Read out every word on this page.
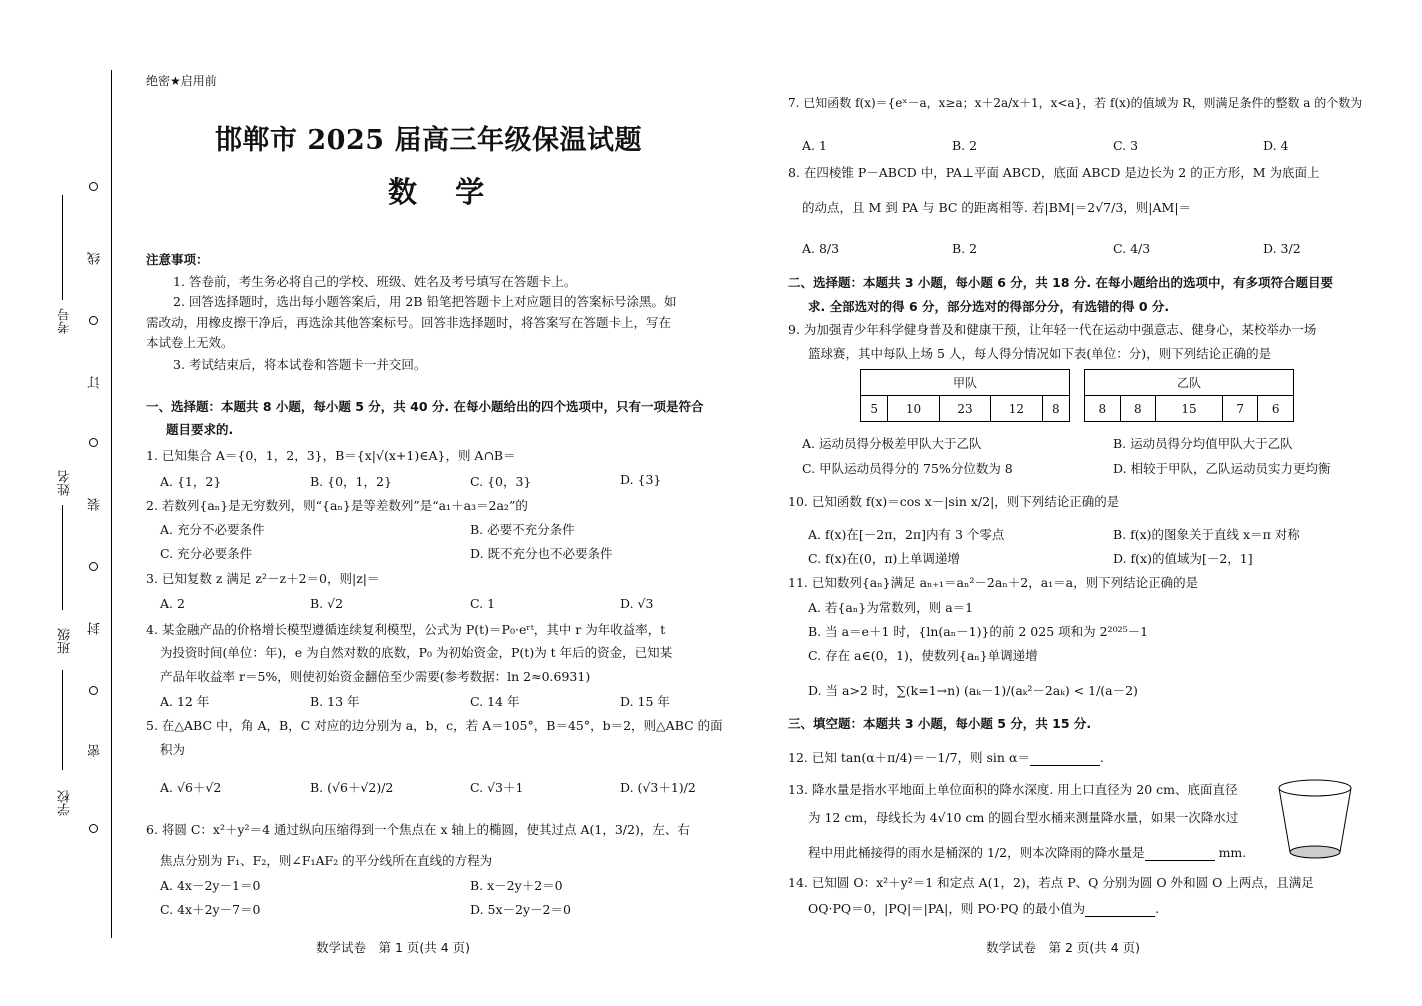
考号
姓名
班级
学校
线
订
装
封
密
绝密★启用前
邯郸市 2025 届高三年级保温试题
数 学
注意事项：
1. 答卷前，考生务必将自己的学校、班级、姓名及考号填写在答题卡上。
2. 回答选择题时，选出每小题答案后，用 2B 铅笔把答题卡上对应题目的答案标号涂黑。如
需改动，用橡皮擦干净后，再选涂其他答案标号。回答非选择题时，将答案写在答题卡上，写在
本试卷上无效。
3. 考试结束后，将本试卷和答题卡一并交回。
一、选择题：本题共 8 小题，每小题 5 分，共 40 分. 在每小题给出的四个选项中，只有一项是符合
题目要求的.
1. 已知集合 A＝{0，1，2，3}，B＝{x|√(x+1)∈A}，则 A∩B＝
A. {1，2}	B. {0，1，2}	C. {0，3}	D. {3}
2. 若数列{aₙ}是无穷数列，则“{aₙ}是等差数列”是“a₁＋a₃＝2a₂”的
A. 充分不必要条件	B. 必要不充分条件
C. 充分必要条件	D. 既不充分也不必要条件
3. 已知复数 z 满足 z²－z＋2＝0，则|z|＝
A. 2	B. √2	C. 1	D. √3
4. 某金融产品的价格增长模型遵循连续复利模型，公式为 P(t)＝P₀·eʳᵗ，其中 r 为年收益率，t
为投资时间(单位：年)，e 为自然对数的底数，P₀ 为初始资金，P(t)为 t 年后的资金，已知某
产品年收益率 r＝5%，则使初始资金翻倍至少需要(参考数据：ln 2≈0.6931)
A. 12 年	B. 13 年	C. 14 年	D. 15 年
5. 在△ABC 中，角 A，B，C 对应的边分别为 a，b，c，若 A＝105°，B＝45°，b＝2，则△ABC 的面
积为
A. √6＋√2	B. (√6＋√2)/2	C. √3＋1	D. (√3＋1)/2
6. 将圆 C：x²＋y²＝4 通过纵向压缩得到一个焦点在 x 轴上的椭圆，使其过点 A(1，3/2)，左、右
焦点分别为 F₁、F₂，则∠F₁AF₂ 的平分线所在直线的方程为
A. 4x－2y－1＝0	B. x－2y＋2＝0
C. 4x＋2y－7＝0	D. 5x－2y－2＝0
数学试卷　第 1 页(共 4 页)
7. 已知函数 f(x)＝{eˣ－a，x≥a；x＋2a/x＋1，x<a}，若 f(x)的值域为 R，则满足条件的整数 a 的个数为
A. 1	B. 2	C. 3	D. 4
8. 在四棱锥 P－ABCD 中，PA⊥平面 ABCD，底面 ABCD 是边长为 2 的正方形，M 为底面上
的动点，且 M 到 PA 与 BC 的距离相等. 若|BM|＝2√7/3，则|AM|＝
A. 8/3	B. 2	C. 4/3	D. 3/2
二、选择题：本题共 3 小题，每小题 6 分，共 18 分. 在每小题给出的选项中，有多项符合题目要
求. 全部选对的得 6 分，部分选对的得部分分，有选错的得 0 分.
9. 为加强青少年科学健身普及和健康干预，让年轻一代在运动中强意志、健身心，某校举办一场
篮球赛，其中每队上场 5 人，每人得分情况如下表(单位：分)，则下列结论正确的是
甲队
5	10	23	12	8
乙队
8	8	15	7	6
A. 运动员得分极差甲队大于乙队	B. 运动员得分均值甲队大于乙队
C. 甲队运动员得分的 75%分位数为 8	D. 相较于甲队，乙队运动员实力更均衡
10. 已知函数 f(x)＝cos x－|sin x/2|，则下列结论正确的是
A. f(x)在[－2π，2π]内有 3 个零点	B. f(x)的图象关于直线 x＝π 对称
C. f(x)在(0，π)上单调递增	D. f(x)的值域为[－2，1]
11. 已知数列{aₙ}满足 aₙ₊₁＝aₙ²－2aₙ＋2，a₁＝a，则下列结论正确的是
A. 若{aₙ}为常数列，则 a＝1
B. 当 a＝e＋1 时，{ln(aₙ－1)}的前 2 025 项和为 2²⁰²⁵－1
C. 存在 a∈(0，1)，使数列{aₙ}单调递增
D. 当 a>2 时，∑(k=1→n) (aₖ－1)/(aₖ²－2aₖ) < 1/(a－2)
三、填空题：本题共 3 小题，每小题 5 分，共 15 分.
12. 已知 tan(α＋π/4)＝－1/7，则 sin α＝	.
13. 降水量是指水平地面上单位面积的降水深度. 用上口直径为 20 cm、底面直径
为 12 cm，母线长为 4√10 cm 的圆台型水桶来测量降水量，如果一次降水过
程中用此桶接得的雨水是桶深的 1/2，则本次降雨的降水量是	mm.
14. 已知圆 O：x²＋y²＝1 和定点 A(1，2)，若点 P、Q 分别为圆 O 外和圆 O 上两点，且满足
OQ·PQ＝0，|PQ|＝|PA|，则 PO·PQ 的最小值为	.
数学试卷　第 2 页(共 4 页)
